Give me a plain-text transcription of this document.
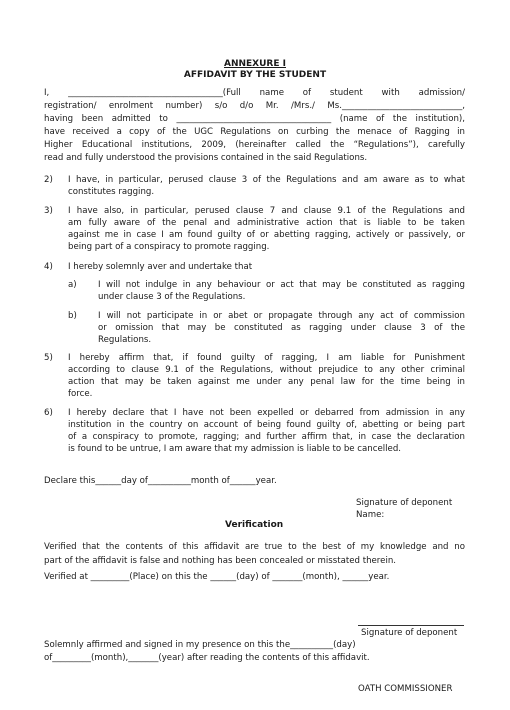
ANNEXURE I
AFFIDAVIT BY THE STUDENT
I, ____________________________________(Full name of student with admission/
registration/ enrolment number) s/o d/o Mr. /Mrs./ Ms.____________________________,
having been admitted to ____________________________________ (name of the institution),
have received a copy of the UGC Regulations on curbing the menace of Ragging in
Higher Educational institutions, 2009, (hereinafter called the “Regulations”), carefully
read and fully understood the provisions contained in the said Regulations.
2) I have, in particular, perused clause 3 of the Regulations and am aware as to what
constitutes ragging.
3) I have also, in particular, perused clause 7 and clause 9.1 of the Regulations and
am fully aware of the penal and administrative action that is liable to be taken
against me in case I am found guilty of or abetting ragging, actively or passively, or
being part of a conspiracy to promote ragging.
4) I hereby solemnly aver and undertake that
a) I will not indulge in any behaviour or act that may be constituted as ragging
under clause 3 of the Regulations.
b) I will not participate in or abet or propagate through any act of commission
or omission that may be constituted as ragging under clause 3 of the
Regulations.
5) I hereby affirm that, if found guilty of ragging, I am liable for Punishment
according to clause 9.1 of the Regulations, without prejudice to any other criminal
action that may be taken against me under any penal law for the time being in
force.
6) I hereby declare that I have not been expelled or debarred from admission in any
institution in the country on account of being found guilty of, abetting or being part
of a conspiracy to promote, ragging; and further affirm that, in case the declaration
is found to be untrue, I am aware that my admission is liable to be cancelled.
Declare this______day of__________month of______year.
Signature of deponent
Name:
Verification
Verified that the contents of this affidavit are true to the best of my knowledge and no
part of the affidavit is false and nothing has been concealed or misstated therein.
Verified at _________(Place) on this the ______(day) of _______(month), ______year.
Signature of deponent
Solemnly affirmed and signed in my presence on this the__________(day)
of_________(month),_______(year) after reading the contents of this affidavit.
OATH COMMISSIONER
